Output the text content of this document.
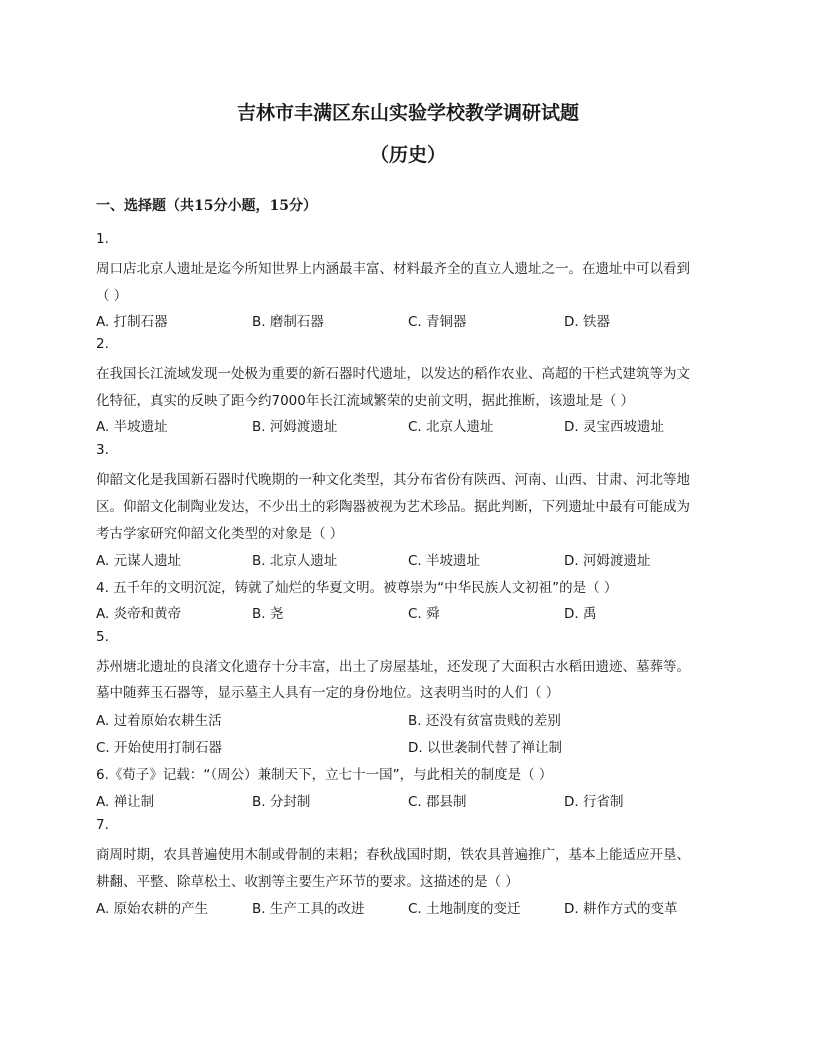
吉林市丰满区东山实验学校教学调研试题
（历史）
一、选择题（共15分小题，15分）
1.
周口店北京人遗址是迄今所知世界上内涵最丰富、材料最齐全的直立人遗址之一。在遗址中可以看到
（ ）
A. 打制石器	B. 磨制石器	C. 青铜器	D. 铁器
2.
在我国长江流域发现一处极为重要的新石器时代遗址，以发达的稻作农业、高超的干栏式建筑等为文
化特征，真实的反映了距今约7000年长江流域繁荣的史前文明，据此推断，该遗址是（ ）
A. 半坡遗址	B. 河姆渡遗址	C. 北京人遗址	D. 灵宝西坡遗址
3.
仰韶文化是我国新石器时代晚期的一种文化类型，其分布省份有陕西、河南、山西、甘肃、河北等地
区。仰韶文化制陶业发达，不少出土的彩陶器被视为艺术珍品。据此判断，下列遗址中最有可能成为
考古学家研究仰韶文化类型的对象是（ ）
A. 元谋人遗址	B. 北京人遗址	C. 半坡遗址	D. 河姆渡遗址
4. 五千年的文明沉淀，铸就了灿烂的华夏文明。被尊崇为“中华民族人文初祖”的是（ ）
A. 炎帝和黄帝	B. 尧	C. 舜	D. 禹
5.
苏州塘北遗址的良渚文化遗存十分丰富，出土了房屋基址，还发现了大面积古水稻田遗迹、墓葬等。
墓中随葬玉石器等，显示墓主人具有一定的身份地位。这表明当时的人们（ ）
A. 过着原始农耕生活	B. 还没有贫富贵贱的差别
C. 开始使用打制石器	D. 以世袭制代替了禅让制
6.《荀子》记载：“（周公）兼制天下，立七十一国”，与此相关的制度是（ ）
A. 禅让制	B. 分封制	C. 郡县制	D. 行省制
7.
商周时期，农具普遍使用木制或骨制的耒耜；春秋战国时期，铁农具普遍推广，基本上能适应开垦、
耕翻、平整、除草松土、收割等主要生产环节的要求。这描述的是（ ）
A. 原始农耕的产生	B. 生产工具的改进	C. 土地制度的变迁	D. 耕作方式的变革
